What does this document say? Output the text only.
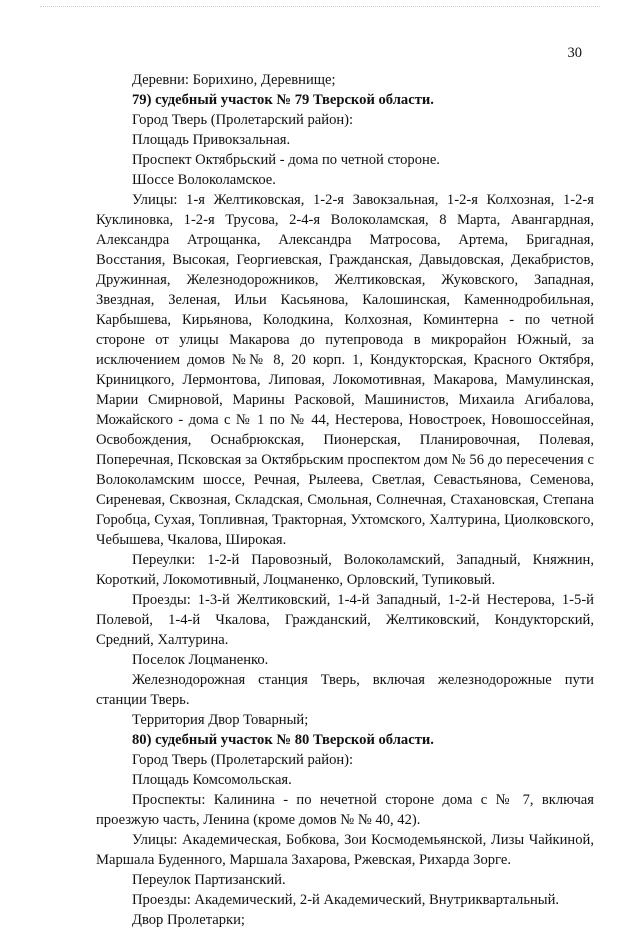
30

Деревни: Борихино, Деревнище;

79) судебный участок № 79 Тверской области.

Город Тверь (Пролетарский район):

Площадь Привокзальная.

Проспект Октябрьский - дома по четной стороне.

Шоссе Волоколамское.

Улицы: 1-я Желтиковская, 1-2-я Завокзальная, 1-2-я Колхозная, 1-2-я Куклиновка, 1-2-я Трусова, 2-4-я Волоколамская, 8 Марта, Авангардная, Александра Атрощанка, Александра Матросова, Артема, Бригадная, Восстания, Высокая, Георгиевская, Гражданская, Давыдовская, Декабристов, Дружинная, Железнодорожников, Желтиковская, Жуковского, Западная, Звездная, Зеленая, Ильи Касьянова, Калошинская, Каменнодробильная, Карбышева, Кирьянова, Колодкина, Колхозная, Коминтерна - по четной стороне от улицы Макарова до путепровода в микрорайон Южный, за исключением домов №№ 8, 20 корп. 1, Кондукторская, Красного Октября, Криницкого, Лермонтова, Липовая, Локомотивная, Макарова, Мамулинская, Марии Смирновой, Марины Расковой, Машинистов, Михаила Агибалова, Можайского - дома с № 1 по № 44, Нестерова, Новостроек, Новошоссейная, Освобождения, Оснабрюкская, Пионерская, Планировочная, Полевая, Поперечная, Псковская за Октябрьским проспектом дом № 56 до пересечения с Волоколамским шоссе, Речная, Рылеева, Светлая, Севастьянова, Семенова, Сиреневая, Сквозная, Складская, Смольная, Солнечная, Стахановская, Степана Горобца, Сухая, Топливная, Тракторная, Ухтомского, Халтурина, Циолковского, Чебышева, Чкалова, Широкая.

Переулки: 1-2-й Паровозный, Волоколамский, Западный, Княжнин, Короткий, Локомотивный, Лоцманенко, Орловский, Тупиковый.

Проезды: 1-3-й Желтиковский, 1-4-й Западный, 1-2-й Нестерова, 1-5-й Полевой, 1-4-й Чкалова, Гражданский, Желтиковский, Кондукторский, Средний, Халтурина.

Поселок Лоцманенко.

Железнодорожная станция Тверь, включая железнодорожные пути станции Тверь.

Территория Двор Товарный;

80) судебный участок № 80 Тверской области.

Город Тверь (Пролетарский район):

Площадь Комсомольская.

Проспекты: Калинина - по нечетной стороне дома с № 7, включая проезжую часть, Ленина (кроме домов № № 40, 42).

Улицы: Академическая, Бобкова, Зои Космодемьянской, Лизы Чайкиной, Маршала Буденного, Маршала Захарова, Ржевская, Рихарда Зорге.

Переулок Партизанский.

Проезды: Академический, 2-й Академический, Внутриквартальный.

Двор Пролетарки;
